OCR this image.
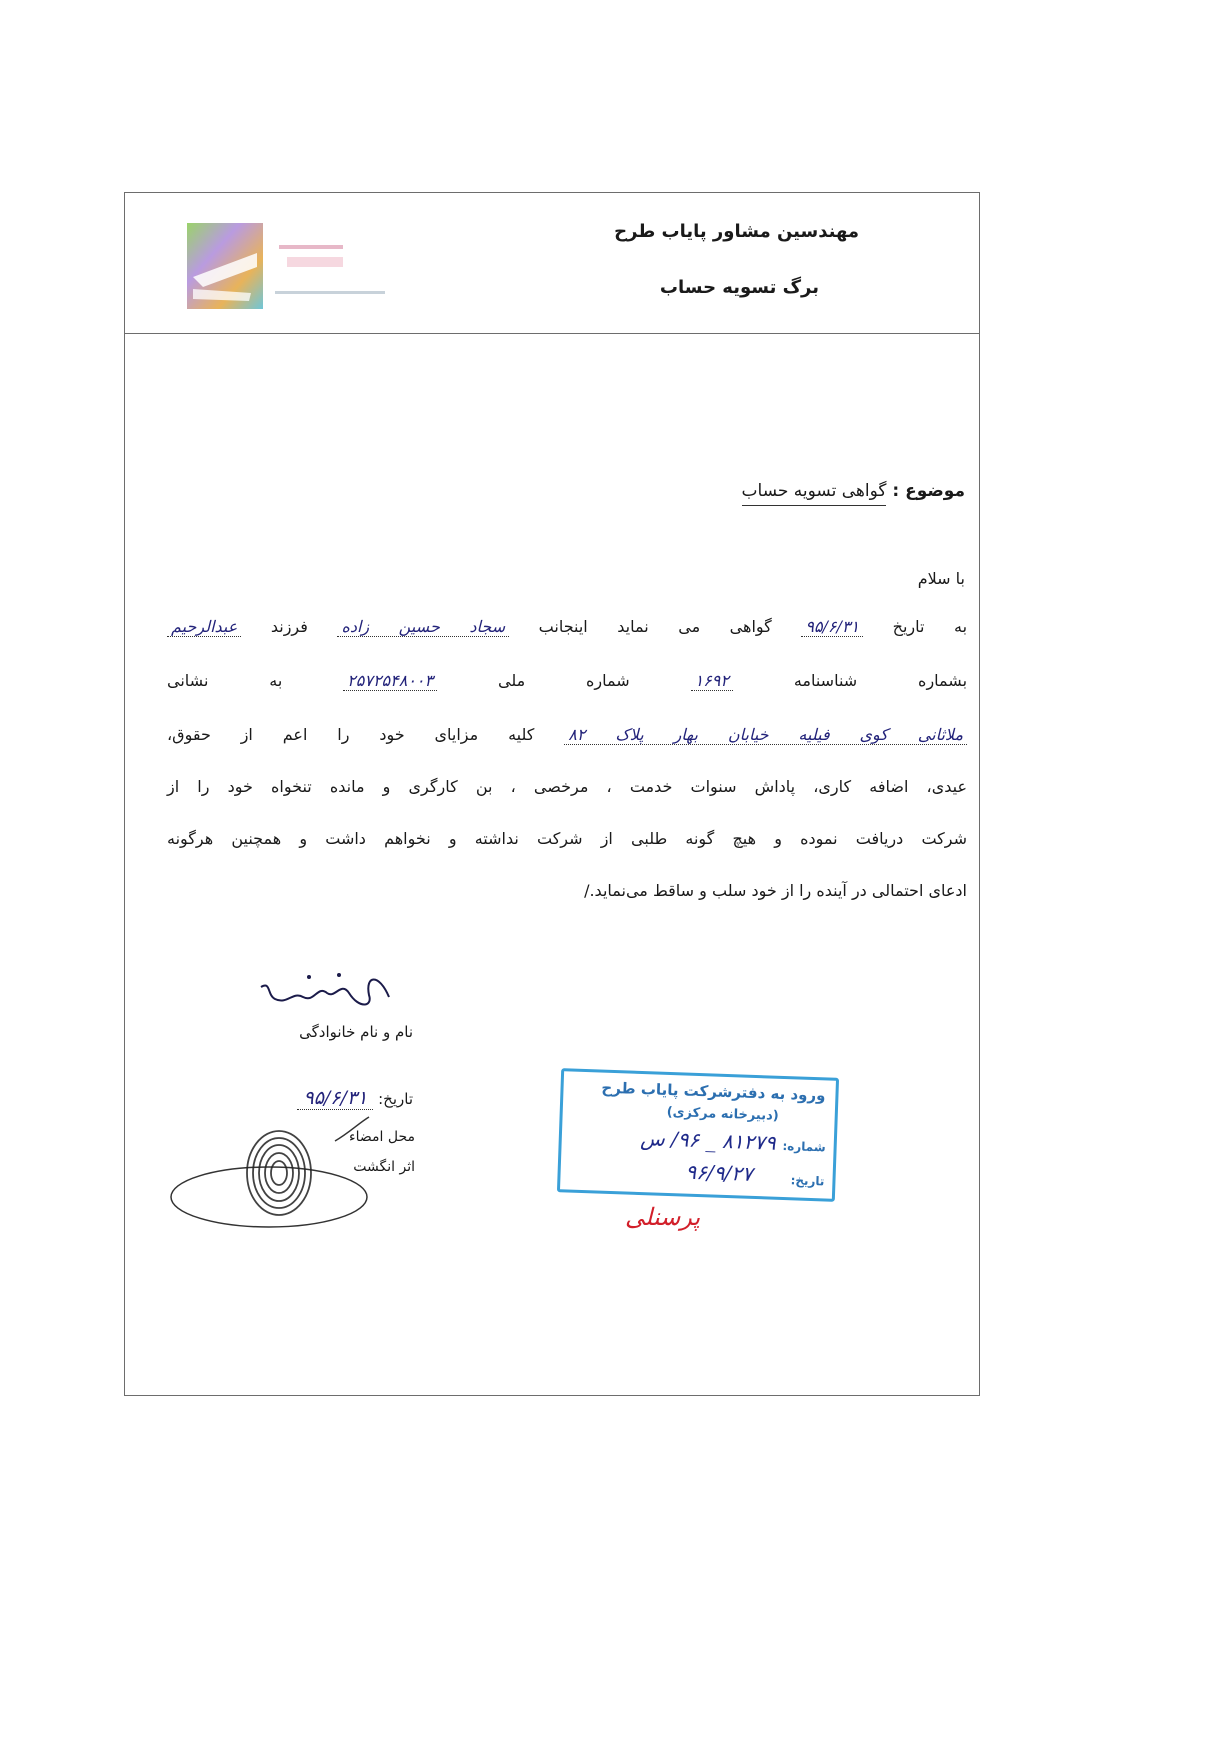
مهندسین مشاور پایاب طرح
برگ تسویه حساب
موضوع : گواهی تسویه حساب
با سلام
به تاریخ ۹۵/۶/۳۱ گواهی می نماید اینجانب سجاد حسین زاده فرزند عبدالرحیم
بشماره شناسنامه ۱۶۹۲ شماره ملی ۲۵۷۲۵۴۸۰۰۳ به نشانی
ملاثانی کوی فیلیه خیابان بهار پلاک ۸۲ کلیه مزایای خود را اعم از حقوق،
عیدی، اضافه کاری، پاداش سنوات خدمت ، مرخصی ، بن کارگری و مانده تنخواه خود را از
شرکت دریافت نموده و هیچ گونه طلبی از شرکت نداشته و نخواهم داشت و همچنین هرگونه
ادعای احتمالی در آینده را از خود سلب و ساقط می‌نماید./
نام و نام خانوادگی
تاریخ: ۹۵/۶/۳۱
محل امضاء
اثر انگشت
ورود به دفترشرکت پایاب طرح
(دبیرخانه مرکزی)
شماره:
۸۱۲۷۹ _ ۹۶/ س
تاریخ:
۹۶/۹/۲۷
پرسنلی
